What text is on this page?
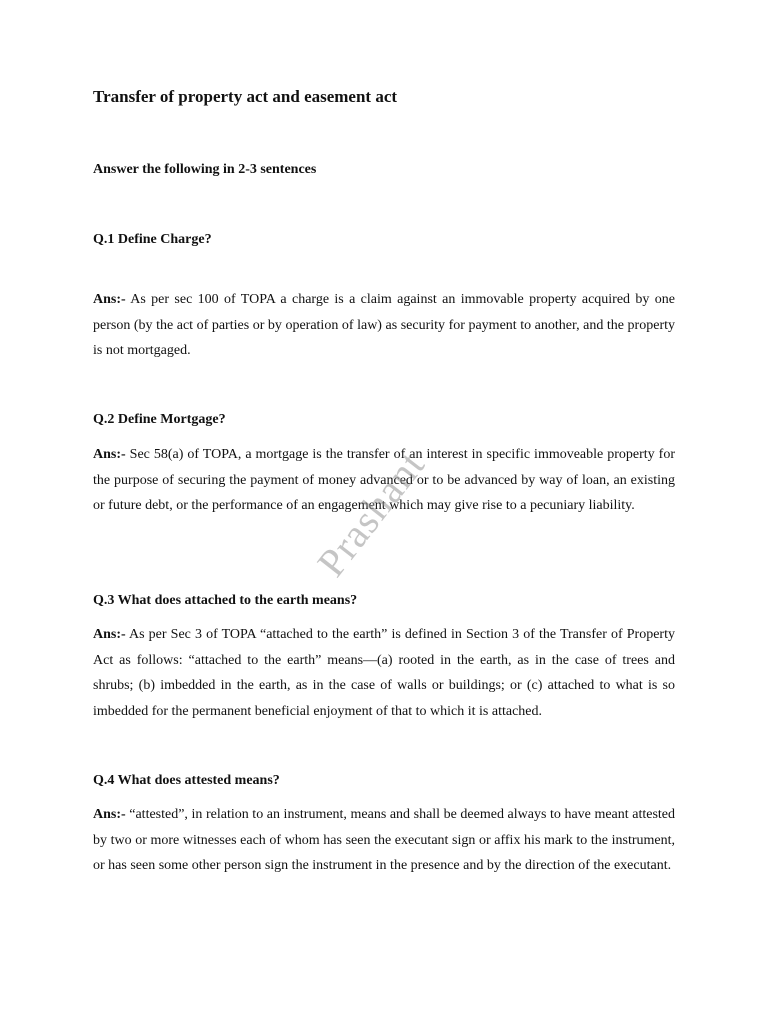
Transfer of property act and easement act

Answer the following in 2-3 sentences

Q.1 Define Charge?

Ans:- As per sec 100 of TOPA a charge is a claim against an immovable property acquired by one person (by the act of parties or by operation of law) as security for payment to another, and the property is not mortgaged.

Q.2 Define Mortgage?

Ans:- Sec 58(a) of TOPA, a mortgage is the transfer of an interest in specific immoveable property for the purpose of securing the payment of money advanced or to be advanced by way of loan, an existing or future debt, or the performance of an engagement which may give rise to a pecuniary liability.

Q.3 What does attached to the earth means?

Ans:- As per Sec 3 of TOPA “attached to the earth” is defined in Section 3 of the Transfer of Property Act as follows: “attached to the earth” means—(a) rooted in the earth, as in the case of trees and shrubs; (b) imbedded in the earth, as in the case of walls or buildings; or (c) attached to what is so imbedded for the permanent beneficial enjoyment of that to which it is attached.

Q.4 What does attested means?

Ans:- “attested”, in relation to an instrument, means and shall be deemed always to have meant attested by two or more witnesses each of whom has seen the executant sign or affix his mark to the instrument, or has seen some other person sign the instrument in the presence and by the direction of the executant.

Prashant
